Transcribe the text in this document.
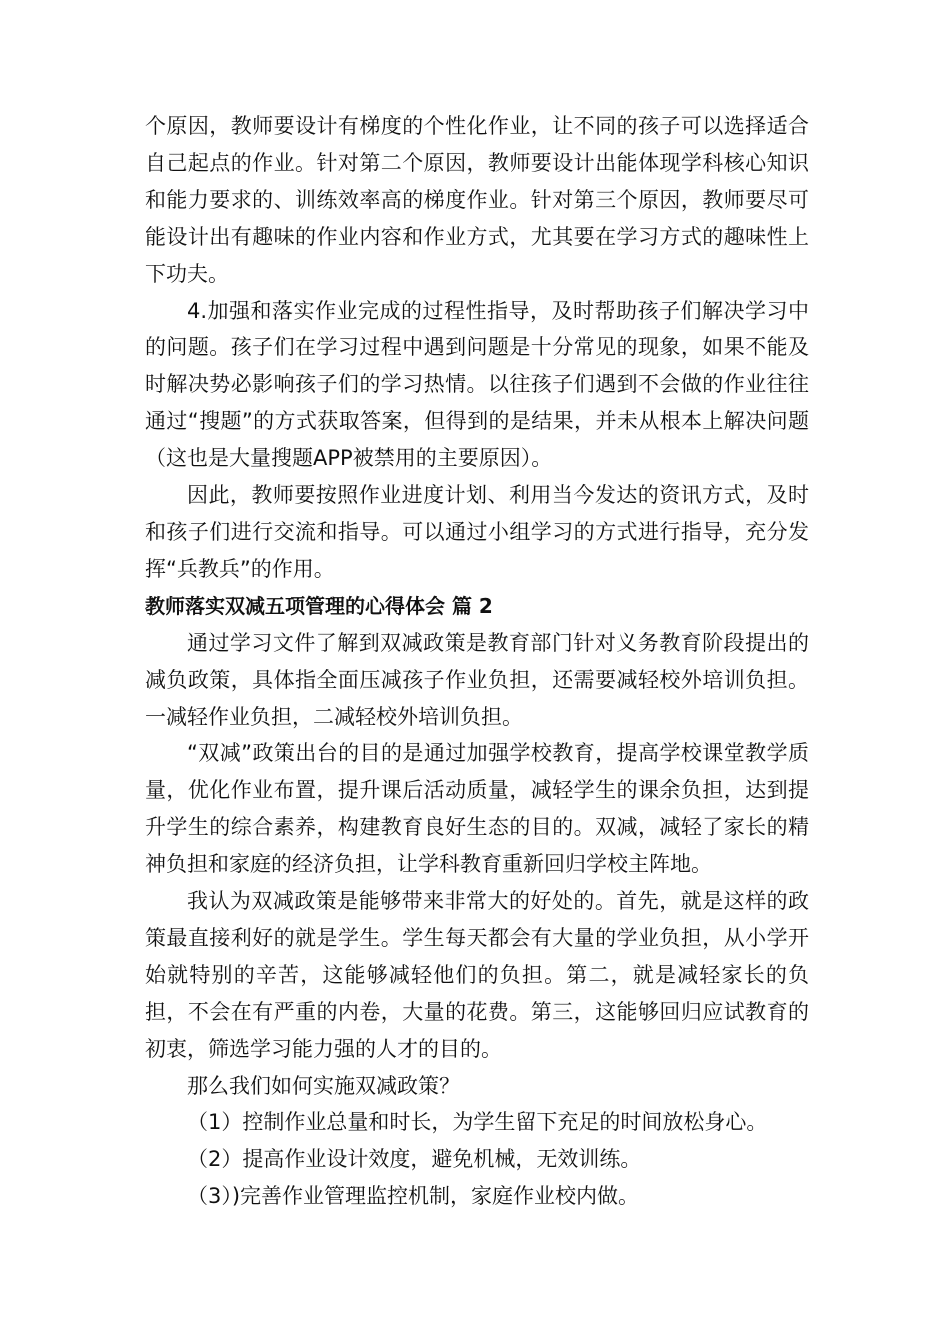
个原因，教师要设计有梯度的个性化作业，让不同的孩子可以选择适合自己起点的作业。针对第二个原因，教师要设计出能体现学科核心知识和能力要求的、训练效率高的梯度作业。针对第三个原因，教师要尽可能设计出有趣味的作业内容和作业方式，尤其要在学习方式的趣味性上下功夫。

4.加强和落实作业完成的过程性指导，及时帮助孩子们解决学习中的问题。孩子们在学习过程中遇到问题是十分常见的现象，如果不能及时解决势必影响孩子们的学习热情。以往孩子们遇到不会做的作业往往通过“搜题”的方式获取答案，但得到的是结果，并未从根本上解决问题（这也是大量搜题APP被禁用的主要原因）。

因此，教师要按照作业进度计划、利用当今发达的资讯方式，及时和孩子们进行交流和指导。可以通过小组学习的方式进行指导，充分发挥“兵教兵”的作用。

教师落实双减五项管理的心得体会 篇 2

通过学习文件了解到双减政策是教育部门针对义务教育阶段提出的减负政策，具体指全面压减孩子作业负担，还需要减轻校外培训负担。一减轻作业负担，二减轻校外培训负担。

“双减”政策出台的目的是通过加强学校教育，提高学校课堂教学质量，优化作业布置，提升课后活动质量，减轻学生的课余负担，达到提升学生的综合素养，构建教育良好生态的目的。双减，减轻了家长的精神负担和家庭的经济负担，让学科教育重新回归学校主阵地。

我认为双减政策是能够带来非常大的好处的。首先，就是这样的政策最直接利好的就是学生。学生每天都会有大量的学业负担，从小学开始就特别的辛苦，这能够减轻他们的负担。第二，就是减轻家长的负担，不会在有严重的内卷，大量的花费。第三，这能够回归应试教育的初衷，筛选学习能力强的人才的目的。

那么我们如何实施双减政策？

（1）控制作业总量和时长，为学生留下充足的时间放松身心。

（2）提高作业设计效度，避免机械，无效训练。

（3）)完善作业管理监控机制，家庭作业校内做。
